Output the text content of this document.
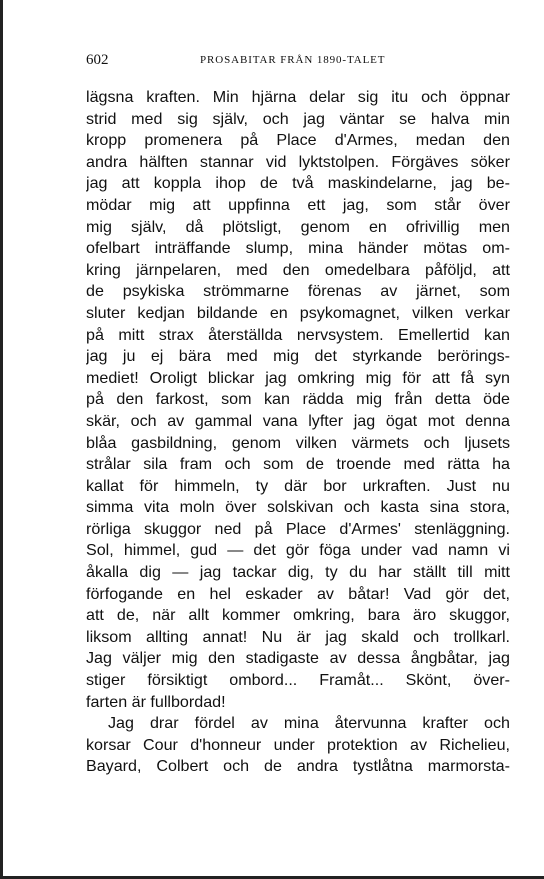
602	PROSABITAR FRÅN 1890-TALET
lägsna kraften. Min hjärna delar sig itu och öppnar
strid med sig själv, och jag väntar se halva min
kropp promenera på Place d'Armes, medan den
andra hälften stannar vid lyktstolpen. Förgäves söker
jag att koppla ihop de två maskindelarne, jag be-
mödar mig att uppfinna ett jag, som står över
mig själv, då plötsligt, genom en ofrivillig men
ofelbart inträffande slump, mina händer mötas om-
kring järnpelaren, med den omedelbara påföljd, att
de psykiska strömmarne förenas av järnet, som
sluter kedjan bildande en psykomagnet, vilken verkar
på mitt strax återställda nervsystem. Emellertid kan
jag ju ej bära med mig det styrkande berörings-
mediet! Oroligt blickar jag omkring mig för att få syn
på den farkost, som kan rädda mig från detta öde
skär, och av gammal vana lyfter jag ögat mot denna
blåa gasbildning, genom vilken värmets och ljusets
strålar sila fram och som de troende med rätta ha
kallat för himmeln, ty där bor urkraften. Just nu
simma vita moln över solskivan och kasta sina stora,
rörliga skuggor ned på Place d'Armes' stenläggning.
Sol, himmel, gud — det gör föga under vad namn vi
åkalla dig — jag tackar dig, ty du har ställt till mitt
förfogande en hel eskader av båtar! Vad gör det,
att de, när allt kommer omkring, bara äro skuggor,
liksom allting annat! Nu är jag skald och trollkarl.
Jag väljer mig den stadigaste av dessa ångbåtar, jag
stiger försiktigt ombord... Framåt... Skönt, över-
farten är fullbordad!
Jag drar fördel av mina återvunna krafter och
korsar Cour d'honneur under protektion av Richelieu,
Bayard, Colbert och de andra tystlåtna marmorsta-
